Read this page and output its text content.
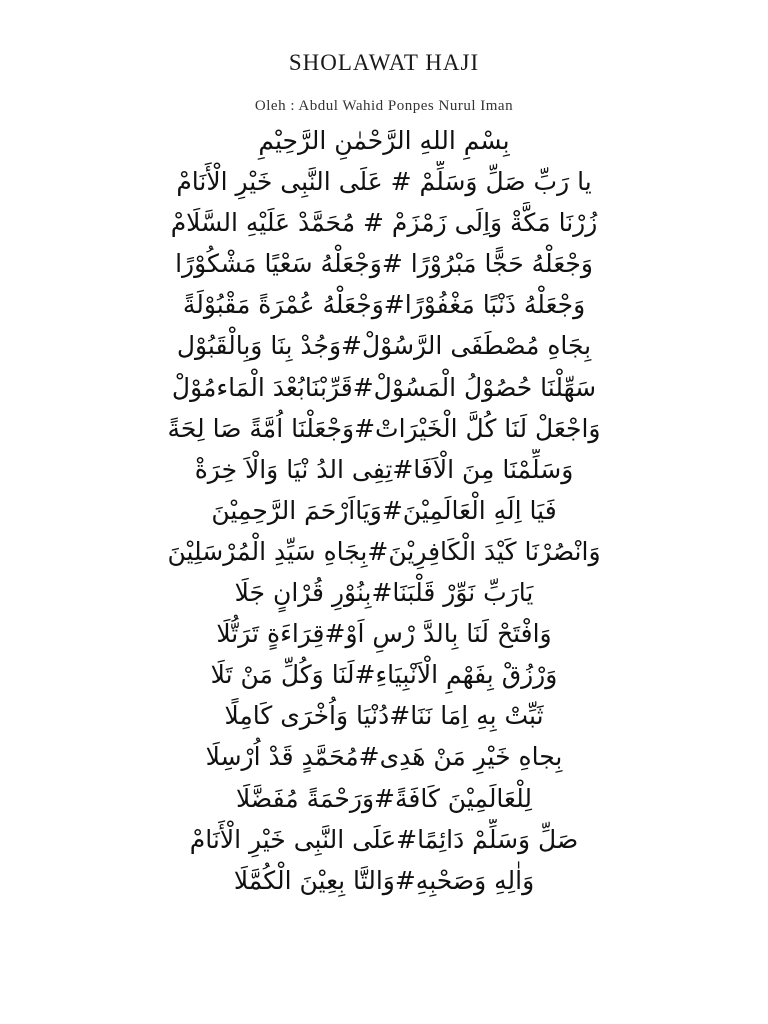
SHOLAWAT HAJI
Oleh : Abdul Wahid Ponpes Nurul Iman
بِسْمِ اللهِ الرَّحْمٰنِ الرَّحِيْمِ
يا رَبِّ صَلِّ وَسَلِّمْ # عَلَى النَّبِى خَيْرِ الْأَنَامْ
زُرْنَا مَكَّةْ وَاِلَى زَمْزَمْ # مُحَمَّدْ عَلَيْهِ السَّلَامْ
وَجْعَلْهُ حَجًّا مَبْرُوْرًا #وَجْعَلْهُ سَعْيًا مَشْكُوْرًا
وَجْعَلْهُ ذَنْبًا مَغْفُوْرًا#وَجْعَلْهُ عُمْرَةً مَقْبُوْلَةً
بِجَاهِ مُصْطَفَى الرَّسُوْلْ#وَجُدْ بِنَا وَبِالْقَبُوْل
سَهِّلْنَا حُصُوْلُ الْمَسُوْلْ#قَرِّبْنَابُعْدَ الْمَاءمُوْلْ
وَاجْعَلْ لَنَا كُلَّ الْخَيْرَاتْ#وَجْعَلْنَا اُمَّةً صَا لِحَةً
وَسَلِّمْنَا مِنَ الْاَفَا#تِفِى الدُ نْيَا وَالْاَ خِرَةْ
فَيَا اِلَهِ الْعَالَمِيْنَ#وَيَااَرْحَمَ الرَّحِمِيْنَ
وَانْصُرْنَا كَيْدَ الْكَافِرِيْنَ#بِجَاهِ سَيِّدِ الْمُرْسَلِيْنَ
يَارَبِّ نَوِّرْ قَلْبَنَا#بِنُوْرِ قُرْانٍ جَلَا
وَافْتَحْ لَنَا بِالدَّ رْسِ اَوْ#قِرَاءَةٍ تَرَتُّلَا
وَرْزُقْ بِفَهْمِ الْاَنْبِيَاءِ#لَنَا وَكُلِّ مَنْ تَلَا
ثَبِّتْ بِهِ اِمَا نَنَا#دُنْيَا وَاُخْرَى كَامِلًا
بِجاهِ خَيْرِ مَنْ هَدِى#مُحَمَّدٍ قَدْ اُرْسِلَا
لِلْعَالَمِيْنَ كَافَةً#وَرَحْمَةً مُفَضَّلَا
صَلِّ وَسَلِّمْ دَائِمًا#عَلَى النَّبِى خَيْرِ الْأَنَامْ
وَاٰلِهِ وَصَحْبِهِ#وَالتَّا بِعِيْنَ الْكُمَّلَا
